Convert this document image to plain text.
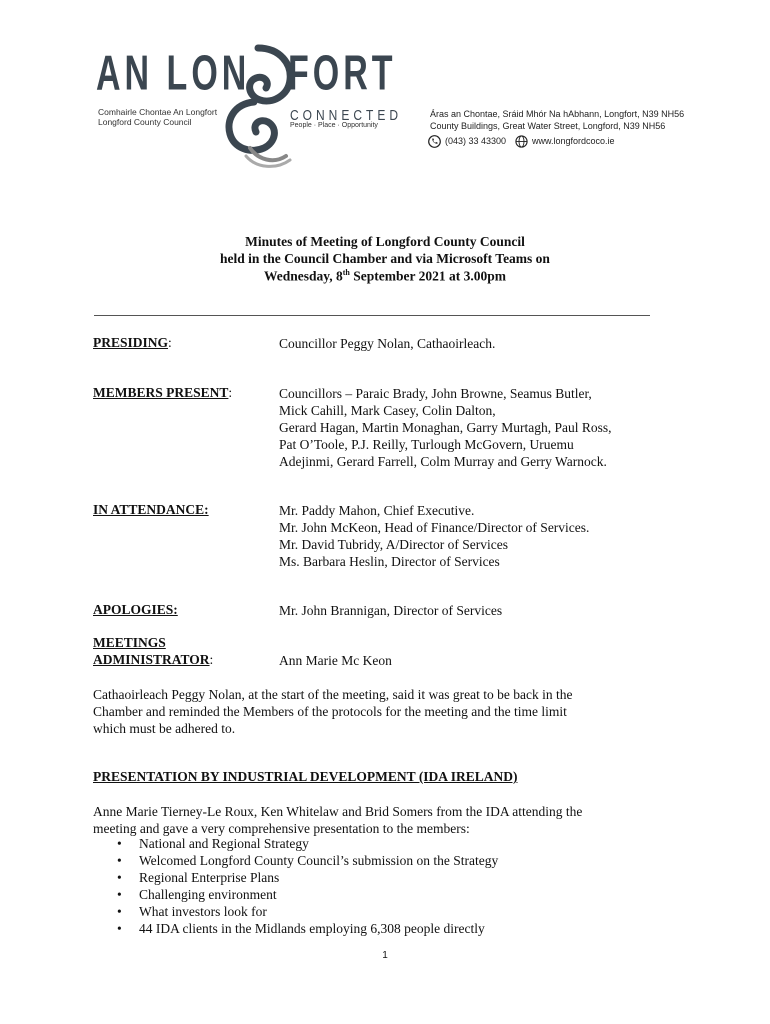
AN LON FORT
Comhairle Chontae An Longfort
Longford County Council	CONNECTED
People · Place · Opportunity
Áras an Chontae, Sráid Mhór Na hAbhann, Longfort, N39 NH56
County Buildings, Great Water Street, Longford, N39 NH56
(043) 33 43300	www.longfordcoco.ie
Minutes of Meeting of Longford County Council
held in the Council Chamber and via Microsoft Teams on
Wednesday, 8th September 2021 at 3.00pm
PRESIDING:	Councillor Peggy Nolan, Cathaoirleach.
MEMBERS PRESENT:	Councillors – Paraic Brady, John Browne, Seamus Butler,
Mick Cahill, Mark Casey, Colin Dalton,
Gerard Hagan, Martin Monaghan, Garry Murtagh, Paul Ross,
Pat O’Toole, P.J. Reilly, Turlough McGovern, Uruemu
Adejinmi, Gerard Farrell, Colm Murray and Gerry Warnock.
IN ATTENDANCE:	Mr. Paddy Mahon, Chief Executive.
Mr. John McKeon, Head of Finance/Director of Services.
Mr. David Tubridy, A/Director of Services
Ms. Barbara Heslin, Director of Services
APOLOGIES:	Mr. John Brannigan, Director of Services
MEETINGS
ADMINISTRATOR:	Ann Marie Mc Keon
Cathaoirleach Peggy Nolan, at the start of the meeting, said it was great to be back in the
Chamber and reminded the Members of the protocols for the meeting and the time limit
which must be adhered to.
PRESENTATION BY INDUSTRIAL DEVELOPMENT (IDA IRELAND)
Anne Marie Tierney-Le Roux, Ken Whitelaw and Brid Somers from the IDA attending the
meeting and gave a very comprehensive presentation to the members:
• National and Regional Strategy
• Welcomed Longford County Council’s submission on the Strategy
• Regional Enterprise Plans
• Challenging environment
• What investors look for
• 44 IDA clients in the Midlands employing 6,308 people directly
1
